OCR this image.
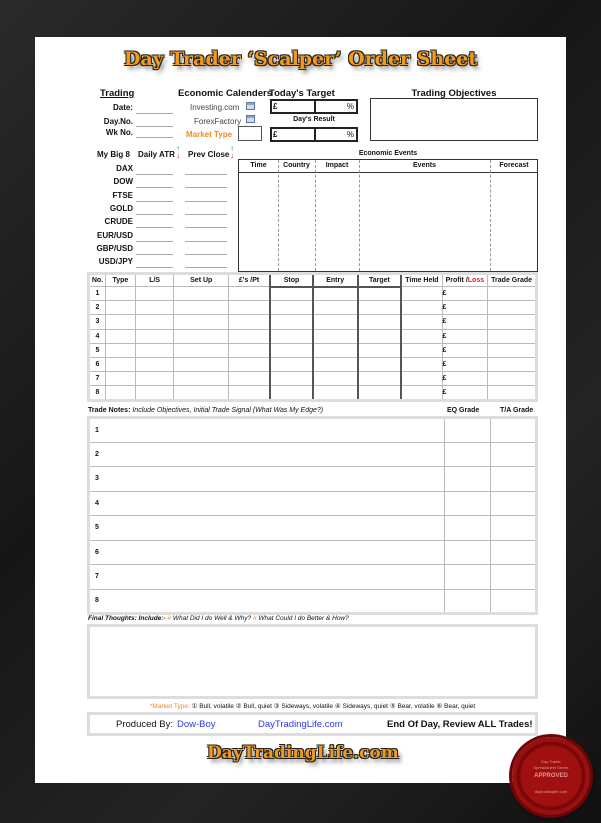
Day Trader ‘Scalper’ Order Sheet
Trading
Date:
Day.No.
Wk No.
Economic Calenders
Investing.com
ForexFactory
Market Type
Today's Target
£	%
Day's Result
£	%
Trading Objectives
My Big 8 Daily ATR
↑
↓ Prev Close
↑
↓
DAX
DOW
FTSE
GOLD
CRUDE
EUR/USD
GBP/USD
USD/JPY
Economic Events
Time	Country	Impact	Events	Forecast
No.	Type	L/S	Set Up	£'s /Pt	Stop	Entry	Target	Time Held	Profit /Loss	Trade Grade
1									£	
2									£	
3									£	
4									£	
5									£	
6									£	
7									£	
8									£	
Trade Notes: Include Objectives, Initial Trade Signal (What Was My Edge?)	EQ Grade	T/A Grade
1		
2		
3		
4		
5		
6		
7		
8		
Final Thoughts: Include:- # What Did I do Well & Why? # What Could I do Better & How?
*Market Type: ① Bull, volatile ② Bull, quiet ③ Sideways, volatile ④ Sideways, quiet ⑤ Bear, volatile ⑥ Bear, quiet
Produced By: Dow-Boy	DayTradingLife.com	End Of Day, Review ALL Trades!
DayTradingLife.com	Day Trader
Spreadsheet Series
APPROVED
daytradinglife.com
